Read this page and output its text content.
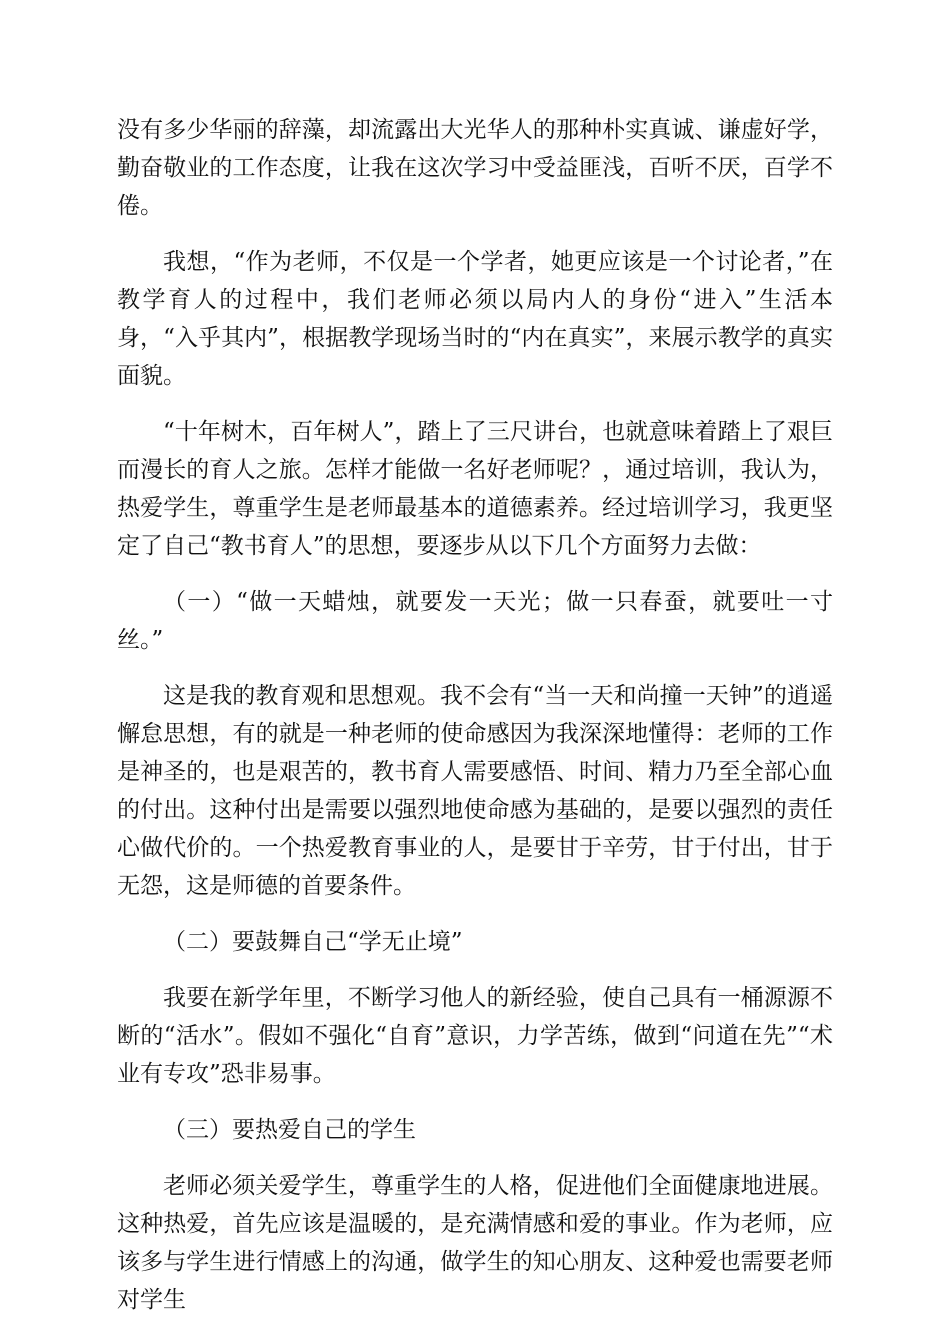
没有多少华丽的辞藻，却流露出大光华人的那种朴实真诚、谦虚好学，勤奋敬业的工作态度，让我在这次学习中受益匪浅，百听不厌，百学不倦。

我想，“作为老师，不仅是一个学者，她更应该是一个讨论者，”在教学育人的过程中，我们老师必须以局内人的身份“进入”生活本身，“入乎其内”，根据教学现场当时的“内在真实”，来展示教学的真实面貌。

“十年树木，百年树人”，踏上了三尺讲台，也就意味着踏上了艰巨而漫长的育人之旅。怎样才能做一名好老师呢？，通过培训，我认为，热爱学生，尊重学生是老师最基本的道德素养。经过培训学习，我更坚定了自己“教书育人”的思想，要逐步从以下几个方面努力去做：

（一）“做一天蜡烛，就要发一天光；做一只春蚕，就要吐一寸丝。”

这是我的教育观和思想观。我不会有“当一天和尚撞一天钟”的逍遥懈怠思想，有的就是一种老师的使命感因为我深深地懂得：老师的工作是神圣的，也是艰苦的，教书育人需要感悟、时间、精力乃至全部心血的付出。这种付出是需要以强烈地使命感为基础的，是要以强烈的责任心做代价的。一个热爱教育事业的人，是要甘于辛劳，甘于付出，甘于无怨，这是师德的首要条件。

（二）要鼓舞自己“学无止境”

我要在新学年里，不断学习他人的新经验，使自己具有一桶源源不断的“活水”。假如不强化“自育”意识，力学苦练，做到“问道在先”“术业有专攻”恐非易事。

（三）要热爱自己的学生

老师必须关爱学生，尊重学生的人格，促进他们全面健康地进展。这种热爱，首先应该是温暖的，是充满情感和爱的事业。作为老师，应该多与学生进行情感上的沟通，做学生的知心朋友、这种爱也需要老师对学生
